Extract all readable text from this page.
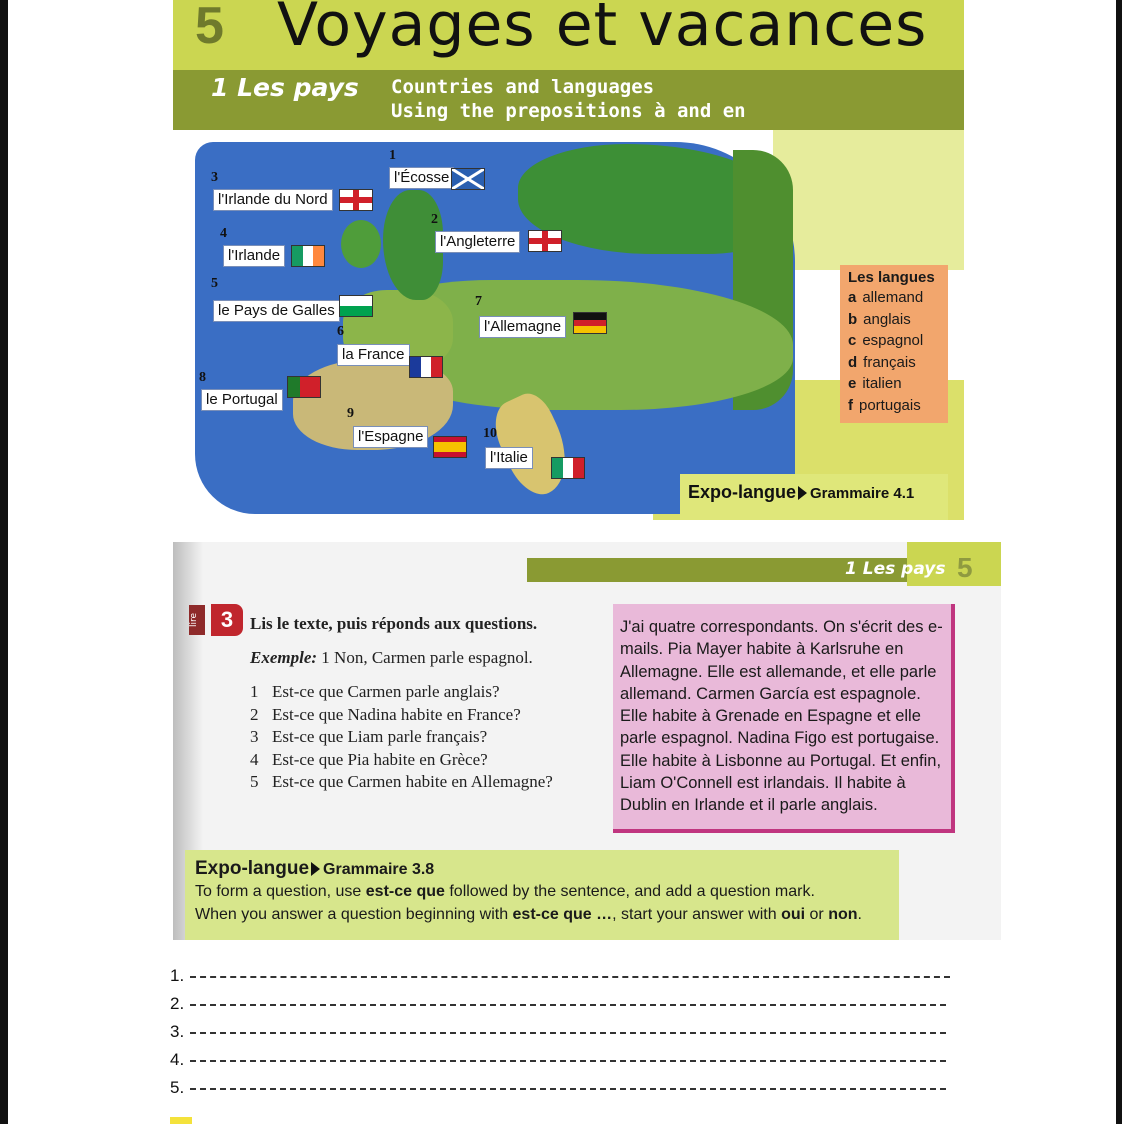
5 Voyages et vacances
1 Les pays Countries and languages
Using the prepositions à and en
1
2
3
4
5
6
7
8
9
10
l'Écosse
l'Angleterre
l'Irlande du Nord
l'Irlande
le Pays de Galles
la France
l'Allemagne
le Portugal
l'Espagne
l'Italie
Les langues
a allemand
b anglais
c espagnol
d français
e italien
f portugais
Expo-langue Grammaire 4.1
1 Les pays 5
lire 3 Lis le texte, puis réponds aux questions.
Exemple: 1 Non, Carmen parle espagnol.
1 Est-ce que Carmen parle anglais?
2 Est-ce que Nadina habite en France?
3 Est-ce que Liam parle français?
4 Est-ce que Pia habite en Grèce?
5 Est-ce que Carmen habite en Allemagne?
J'ai quatre correspondants. On s'écrit des e-mails. Pia Mayer habite à Karlsruhe en Allemagne. Elle est allemande, et elle parle allemand. Carmen García est espagnole. Elle habite à Grenade en Espagne et elle parle espagnol. Nadina Figo est portugaise. Elle habite à Lisbonne au Portugal. Et enfin, Liam O'Connell est irlandais. Il habite à Dublin en Irlande et il parle anglais.
Expo-langue Grammaire 3.8
To form a question, use est-ce que followed by the sentence, and add a question mark.
When you answer a question beginning with est-ce que …, start your answer with oui or non.
1.
2.
3.
4.
5.
